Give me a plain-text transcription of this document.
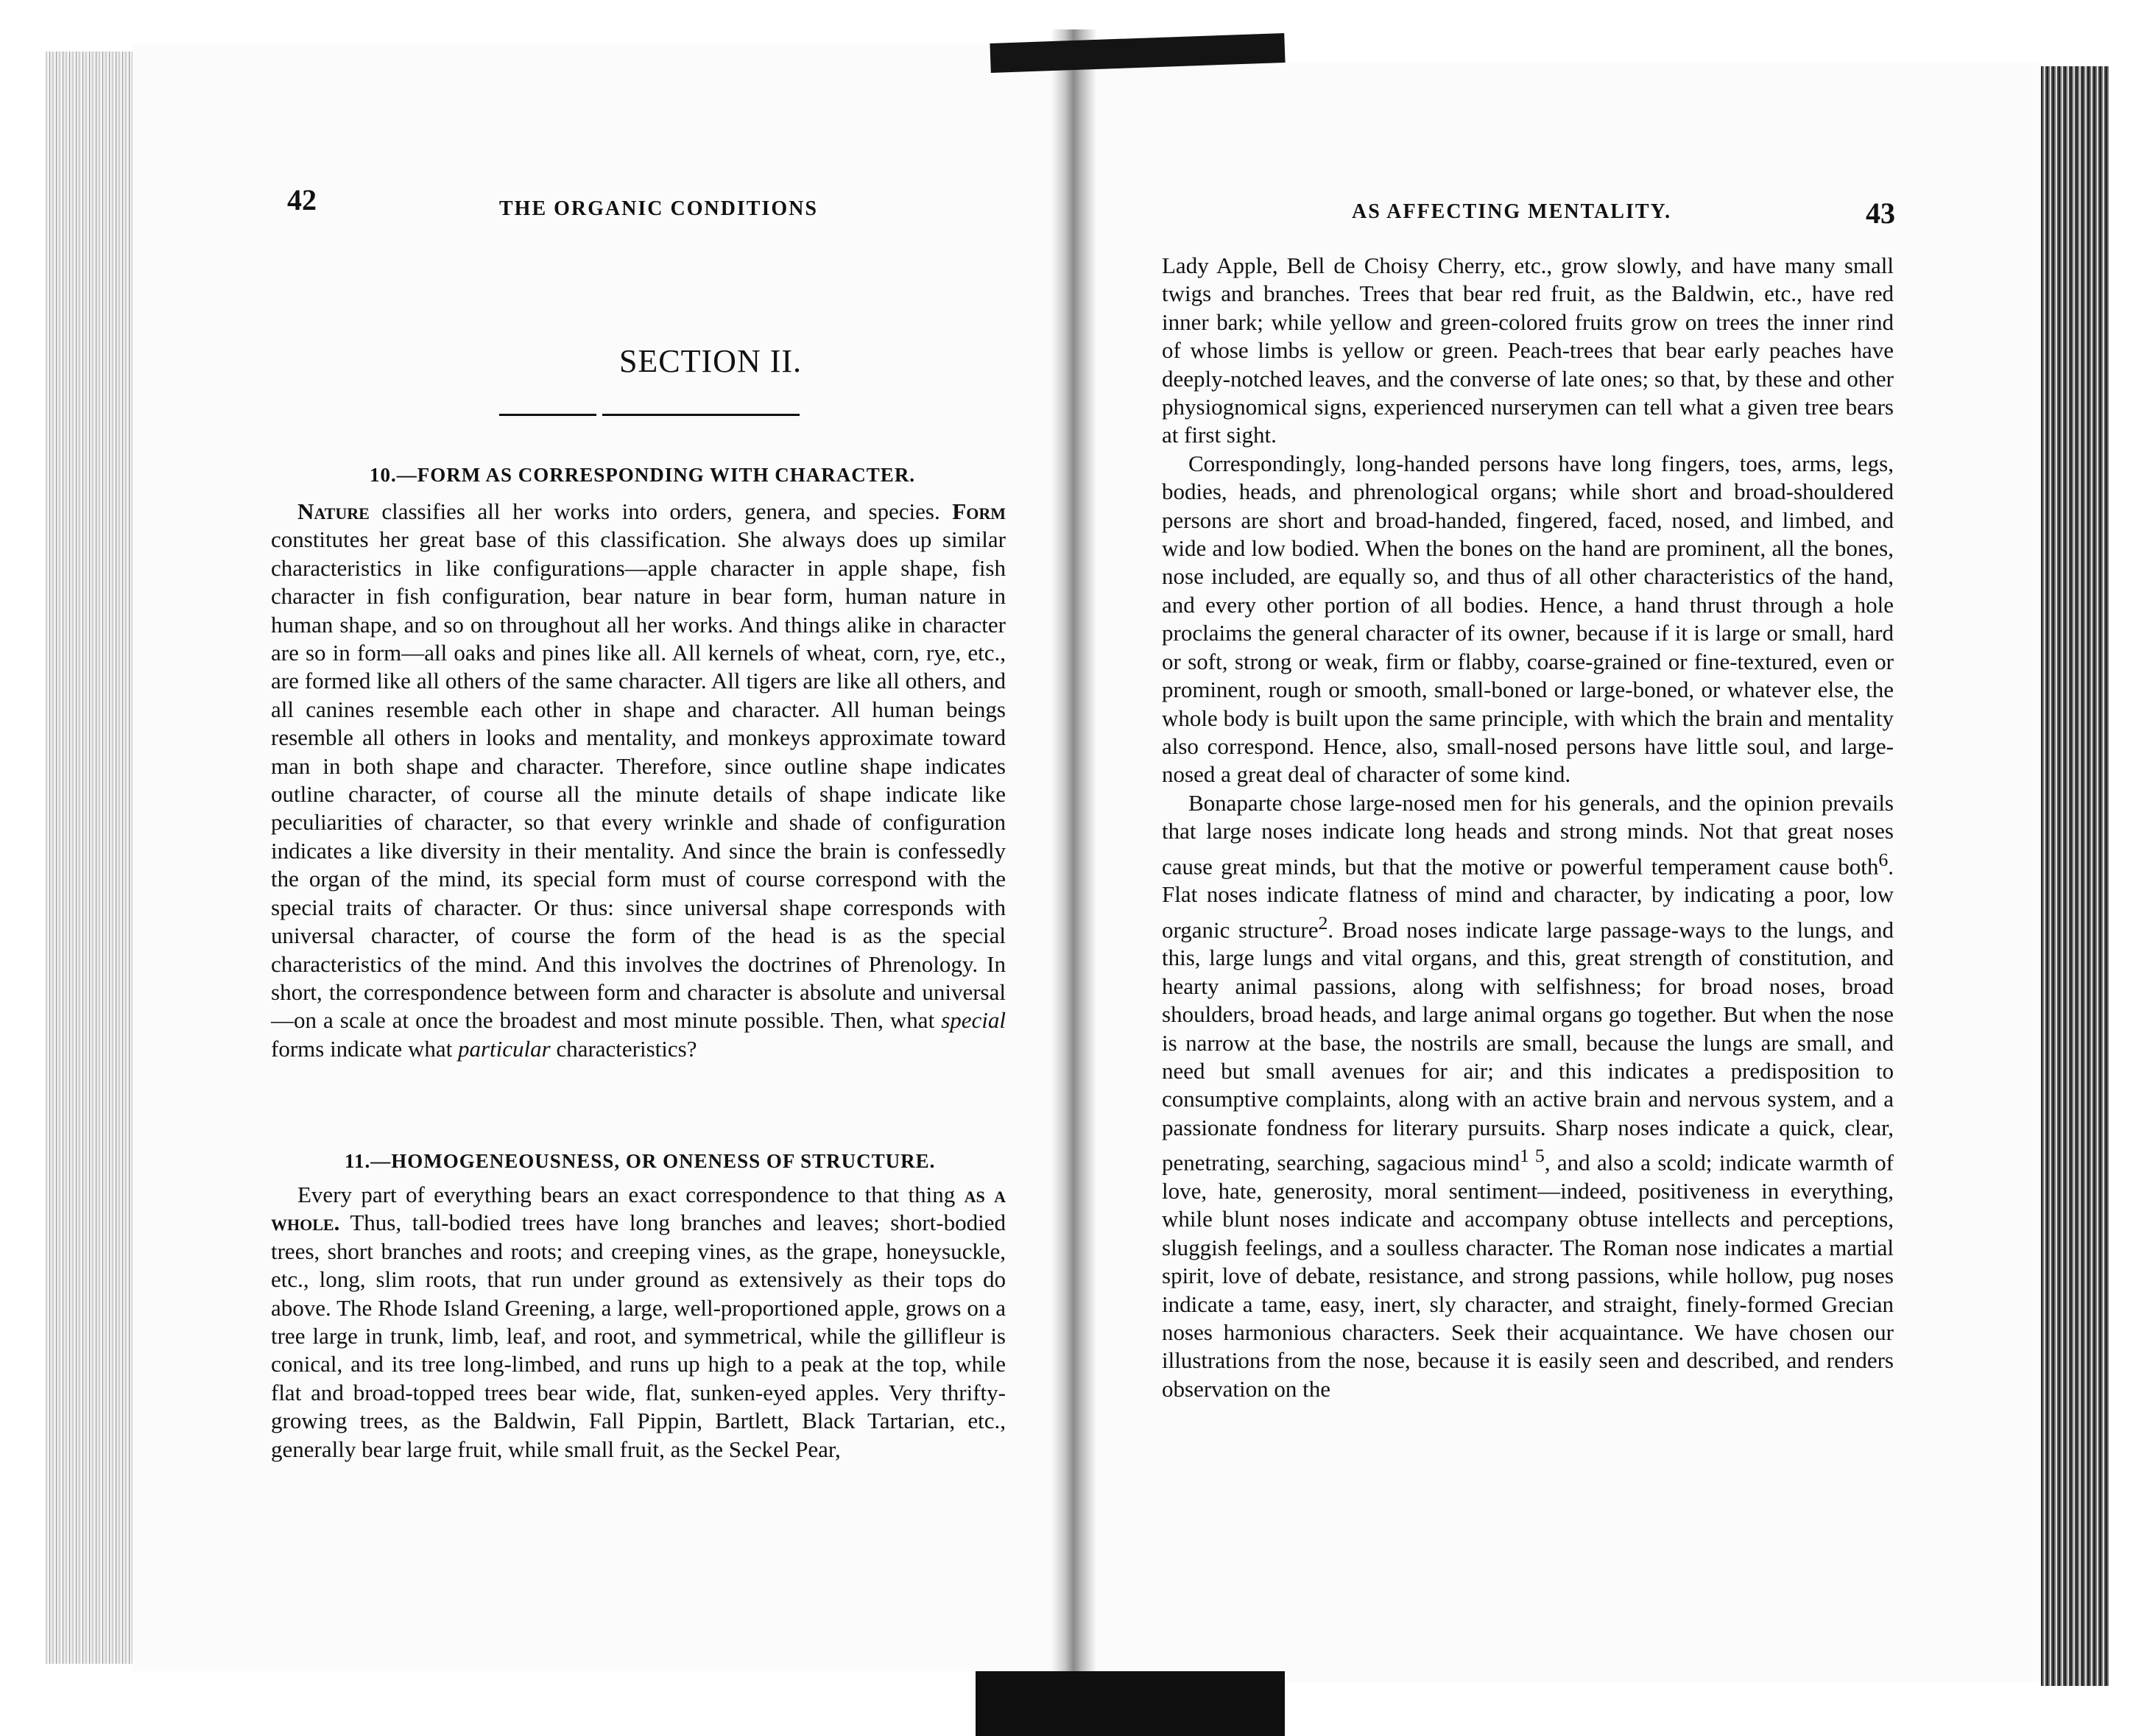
42	THE ORGANIC CONDITIONS
SECTION II.
10.—FORM AS CORRESPONDING WITH CHARACTER.

Nature classifies all her works into orders, genera, and species. Form constitutes her great base of this classification. She always does up similar characteristics in like configurations—apple character in apple shape, fish character in fish configuration, bear nature in bear form, human nature in human shape, and so on throughout all her works. And things alike in character are so in form—all oaks and pines like all. All kernels of wheat, corn, rye, etc., are formed like all others of the same character. All tigers are like all others, and all canines resemble each other in shape and character. All human beings resemble all others in looks and mentality, and monkeys approximate toward man in both shape and character. Therefore, since outline shape indicates outline character, of course all the minute details of shape indicate like peculiarities of character, so that every wrinkle and shade of configuration indicates a like diversity in their mentality. And since the brain is confessedly the organ of the mind, its special form must of course correspond with the special traits of character. Or thus: since universal shape corresponds with universal character, of course the form of the head is as the special characteristics of the mind. And this involves the doctrines of Phrenology. In short, the correspondence between form and character is absolute and universal—on a scale at once the broadest and most minute possible. Then, what special forms indicate what particular characteristics?

11.—HOMOGENEOUSNESS, OR ONENESS OF STRUCTURE.

Every part of everything bears an exact correspondence to that thing as a whole. Thus, tall-bodied trees have long branches and leaves; short-bodied trees, short branches and roots; and creeping vines, as the grape, honeysuckle, etc., long, slim roots, that run under ground as extensively as their tops do above. The Rhode Island Greening, a large, well-proportioned apple, grows on a tree large in trunk, limb, leaf, and root, and symmetrical, while the gillifleur is conical, and its tree long-limbed, and runs up high to a peak at the top, while flat and broad-topped trees bear wide, flat, sunken-eyed apples. Very thrifty-growing trees, as the Baldwin, Fall Pippin, Bartlett, Black Tartarian, etc., generally bear large fruit, while small fruit, as the Seckel Pear,

AS AFFECTING MENTALITY.	43

Lady Apple, Bell de Choisy Cherry, etc., grow slowly, and have many small twigs and branches. Trees that bear red fruit, as the Baldwin, etc., have red inner bark; while yellow and green-colored fruits grow on trees the inner rind of whose limbs is yellow or green. Peach-trees that bear early peaches have deeply-notched leaves, and the converse of late ones; so that, by these and other physiognomical signs, experienced nurserymen can tell what a given tree bears at first sight.

Correspondingly, long-handed persons have long fingers, toes, arms, legs, bodies, heads, and phrenological organs; while short and broad-shouldered persons are short and broad-handed, fingered, faced, nosed, and limbed, and wide and low bodied. When the bones on the hand are prominent, all the bones, nose included, are equally so, and thus of all other characteristics of the hand, and every other portion of all bodies. Hence, a hand thrust through a hole proclaims the general character of its owner, because if it is large or small, hard or soft, strong or weak, firm or flabby, coarse-grained or fine-textured, even or prominent, rough or smooth, small-boned or large-boned, or whatever else, the whole body is built upon the same principle, with which the brain and mentality also correspond. Hence, also, small-nosed persons have little soul, and large-nosed a great deal of character of some kind.

Bonaparte chose large-nosed men for his generals, and the opinion prevails that large noses indicate long heads and strong minds. Not that great noses cause great minds, but that the motive or powerful temperament cause both$^6$. Flat noses indicate flatness of mind and character, by indicating a poor, low organic structure$^2$. Broad noses indicate large passage-ways to the lungs, and this, large lungs and vital organs, and this, great strength of constitution, and hearty animal passions, along with selfishness; for broad noses, broad shoulders, broad heads, and large animal organs go together. But when the nose is narrow at the base, the nostrils are small, because the lungs are small, and need but small avenues for air; and this indicates a predisposition to consumptive complaints, along with an active brain and nervous system, and a passionate fondness for literary pursuits. Sharp noses indicate a quick, clear, penetrating, searching, sagacious mind$^{1 5}$, and also a scold; indicate warmth of love, hate, generosity, moral sentiment—indeed, positiveness in everything, while blunt noses indicate and accompany obtuse intellects and perceptions, sluggish feelings, and a soulless character. The Roman nose indicates a martial spirit, love of debate, resistance, and strong passions, while hollow, pug noses indicate a tame, easy, inert, sly character, and straight, finely-formed Grecian noses harmonious characters. Seek their acquaintance. We have chosen our illustrations from the nose, because it is easily seen and described, and renders observation on the
